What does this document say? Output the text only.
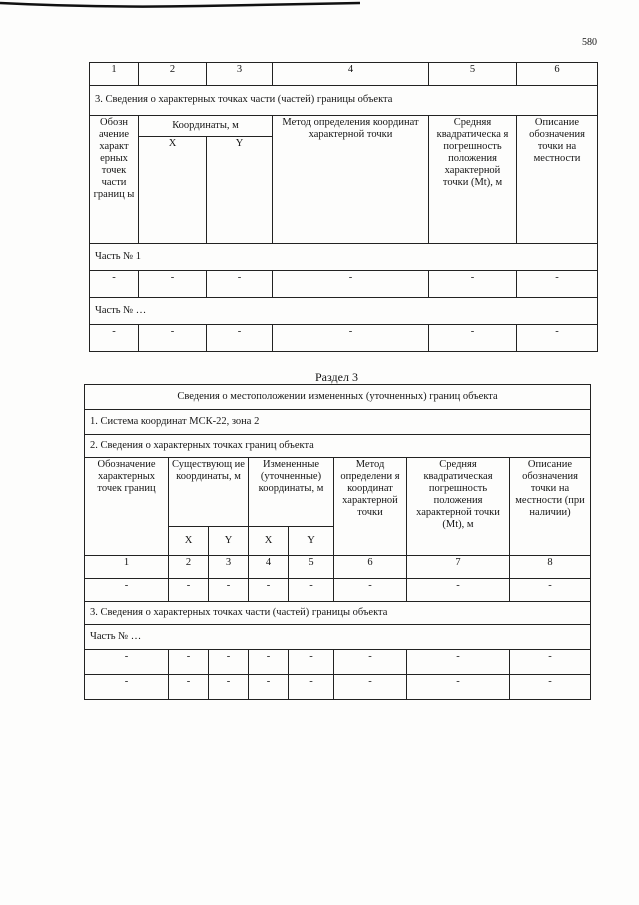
580
1	2	3	4	5	6
3. Сведения о характерных точках части (частей) границы объекта					
Обозн ачение характ ерных точек части границ ы	Координаты, м		Метод определения координат характерной точки	Средняя квадратическа я погрешность положения характерной точки (Mt), м	Описание обозначения точки на местности
	X	Y			
Часть № 1					
-	-	-	-	-	-
Часть № …					
-	-	-	-	-	-
Раздел 3
Сведения о местоположении измененных (уточненных) границ объекта							
1. Система координат МСК-22, зона 2							
2. Сведения о характерных точках границ объекта							
Обозначение характерных точек границ	Существующ ие координаты, м		Измененные (уточненные) координаты, м		Метод определени я координат характерной точки	Средняя квадратическая погрешность положения характерной точки (Mt), м	Описание обозначения точки на местности (при наличии)
	X	Y	X	Y			
1	2	3	4	5	6	7	8
-	-	-	-	-	-	-	-
3. Сведения о характерных точках части (частей) границы объекта							
Часть № …							
-	-	-	-	-	-	-	-
-	-	-	-	-	-	-	-
